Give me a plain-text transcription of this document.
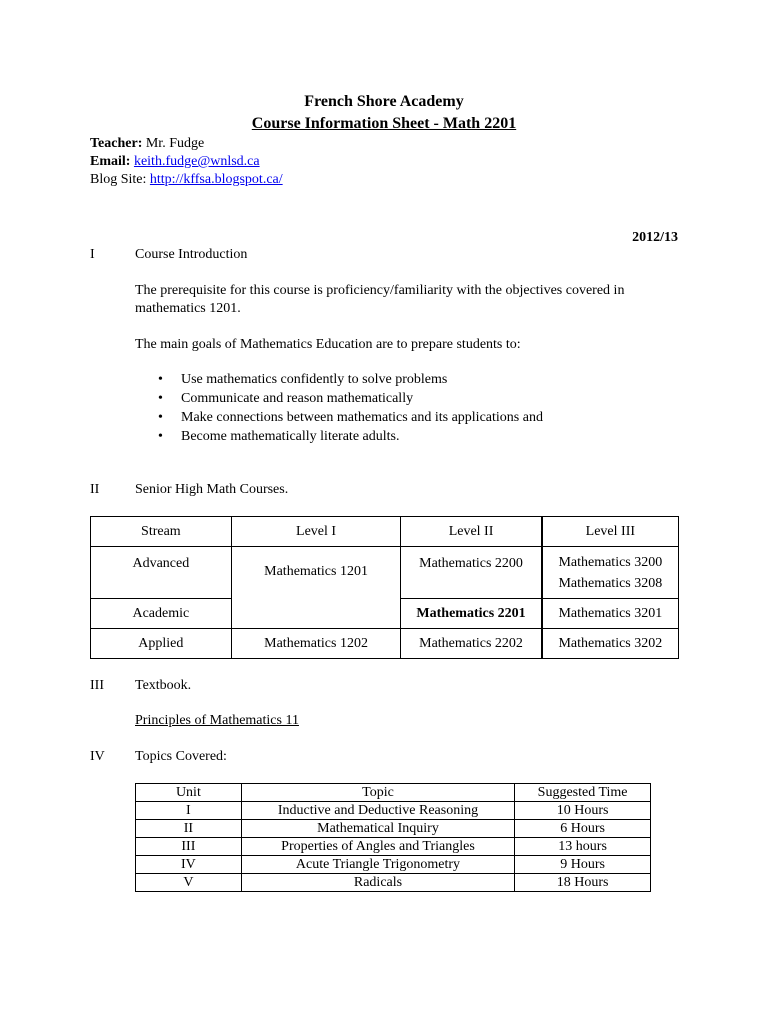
French Shore Academy
Course Information Sheet - Math 2201
Teacher: Mr. Fudge
Email: keith.fudge@wnlsd.ca
Blog Site: http://kffsa.blogspot.ca/
2012/13
I	Course Introduction
The prerequisite for this course is proficiency/familiarity with the objectives covered in
mathematics 1201.
The main goals of Mathematics Education are to prepare students to:
• Use mathematics confidently to solve problems
• Communicate and reason mathematically
• Make connections between mathematics and its applications and
• Become mathematically literate adults.
II	Senior High Math Courses.
Stream	Level I	Level II	Level III
Advanced	Mathematics 1201	Mathematics 2200	Mathematics 3200
Mathematics 3208

Academic		Mathematics 2201	Mathematics 3201
Applied	Mathematics 1202	Mathematics 2202	Mathematics 3202
III Textbook.
Principles of Mathematics 11
IV Topics Covered:
Unit	Topic	Suggested Time
I	Inductive and Deductive Reasoning	10 Hours
II	Mathematical Inquiry	6 Hours
III	Properties of Angles and Triangles	13 hours
IV	Acute Triangle Trigonometry	9 Hours
V	Radicals	18 Hours
